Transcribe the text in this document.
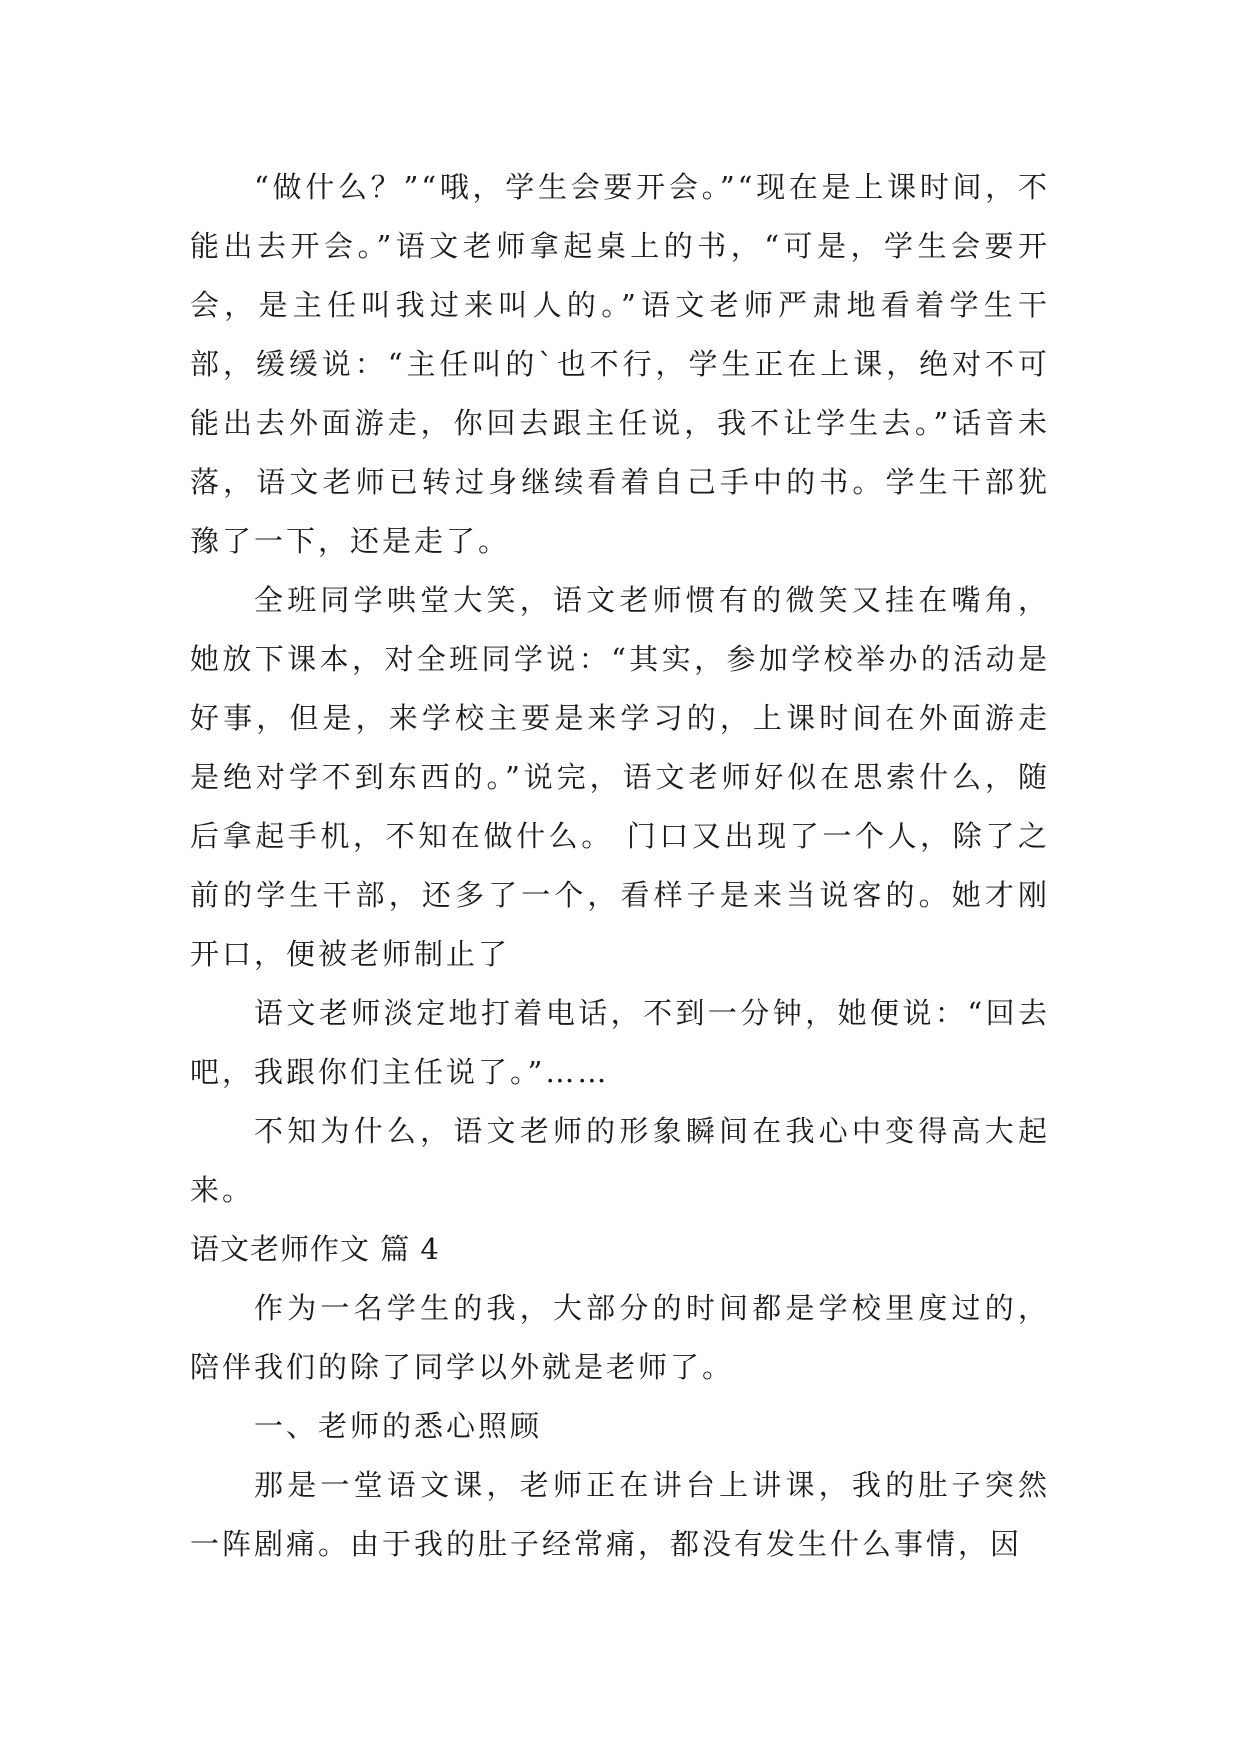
“做什么？”“哦，学生会要开会。”“现在是上课时间，不能出去开会。”语文老师拿起桌上的书，“可是，学生会要开会，是主任叫我过来叫人的。”语文老师严肃地看着学生干部，缓缓说：“主任叫的`也不行，学生正在上课，绝对不可能出去外面游走，你回去跟主任说，我不让学生去。”话音未落，语文老师已转过身继续看着自己手中的书。学生干部犹豫了一下，还是走了。

全班同学哄堂大笑，语文老师惯有的微笑又挂在嘴角，她放下课本，对全班同学说：“其实，参加学校举办的活动是好事，但是，来学校主要是来学习的，上课时间在外面游走是绝对学不到东西的。”说完，语文老师好似在思索什么，随后拿起手机，不知在做什么。 门口又出现了一个人，除了之前的学生干部，还多了一个，看样子是来当说客的。她才刚开口，便被老师制止了

语文老师淡定地打着电话，不到一分钟，她便说：“回去吧，我跟你们主任说了。”……

不知为什么，语文老师的形象瞬间在我心中变得高大起来。

语文老师作文 篇 4

作为一名学生的我，大部分的时间都是学校里度过的，陪伴我们的除了同学以外就是老师了。

一、老师的悉心照顾

那是一堂语文课，老师正在讲台上讲课，我的肚子突然一阵剧痛。由于我的肚子经常痛，都没有发生什么事情，因
